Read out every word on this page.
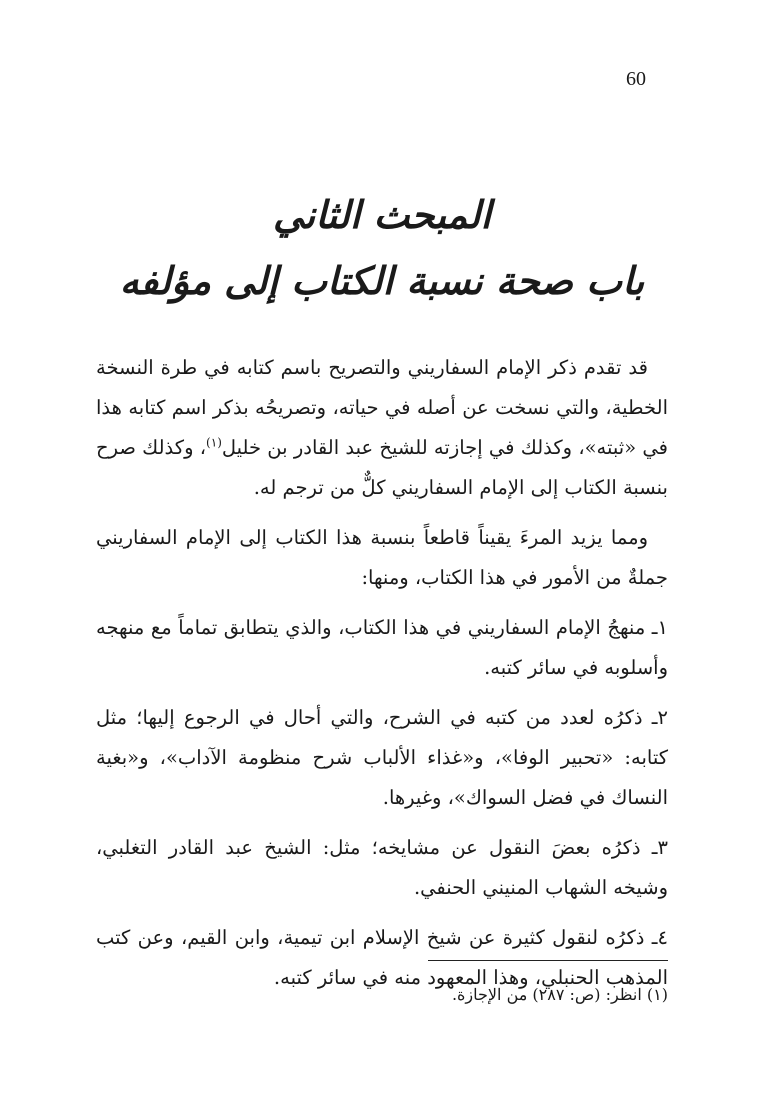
60
المبحث الثاني
باب صحة نسبة الكتاب إلى مؤلفه

قد تقدم ذكر الإمام السفاريني والتصريح باسم كتابه في طرة النسخة الخطية، والتي نسخت عن أصله في حياته، وتصريحُه بذكر اسم كتابه هذا في «ثبته»، وكذلك في إجازته للشيخ عبد القادر بن خليل$^{(١)}$، وكذلك صرح بنسبة الكتاب إلى الإمام السفاريني كلٌّ من ترجم له.

ومما يزيد المرءَ يقيناً قاطعاً بنسبة هذا الكتاب إلى الإمام السفاريني جملةٌ من الأمور في هذا الكتاب، ومنها:

١ـ منهجُ الإمام السفاريني في هذا الكتاب، والذي يتطابق تماماً مع منهجه وأسلوبه في سائر كتبه.

٢ـ ذكرُه لعدد من كتبه في الشرح، والتي أحال في الرجوع إليها؛ مثل كتابه: «تحبير الوفا»، و«غذاء الألباب شرح منظومة الآداب»، و«بغية النساك في فضل السواك»، وغيرها.

٣ـ ذكرُه بعضَ النقول عن مشايخه؛ مثل: الشيخ عبد القادر التغلبي، وشيخه الشهاب المنيني الحنفي.

٤ـ ذكرُه لنقول كثيرة عن شيخ الإسلام ابن تيمية، وابن القيم، وعن كتب المذهب الحنبلي، وهذا المعهود منه في سائر كتبه.

(١) انظر: (ص: ٢٨٧) من الإجازة.
